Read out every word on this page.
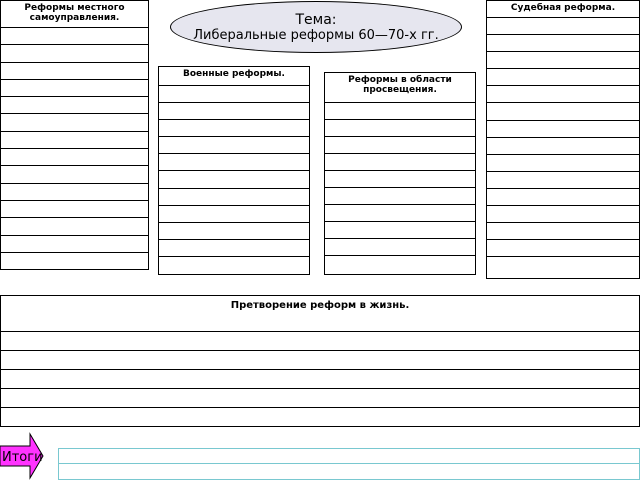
Реформы местного самоуправления.	Тема:
Либеральные реформы 60—70-х гг.
Судебная реформа.
Военные реформы.
Реформы в области просвещения.
Претворение реформ в жизнь.
Итоги
